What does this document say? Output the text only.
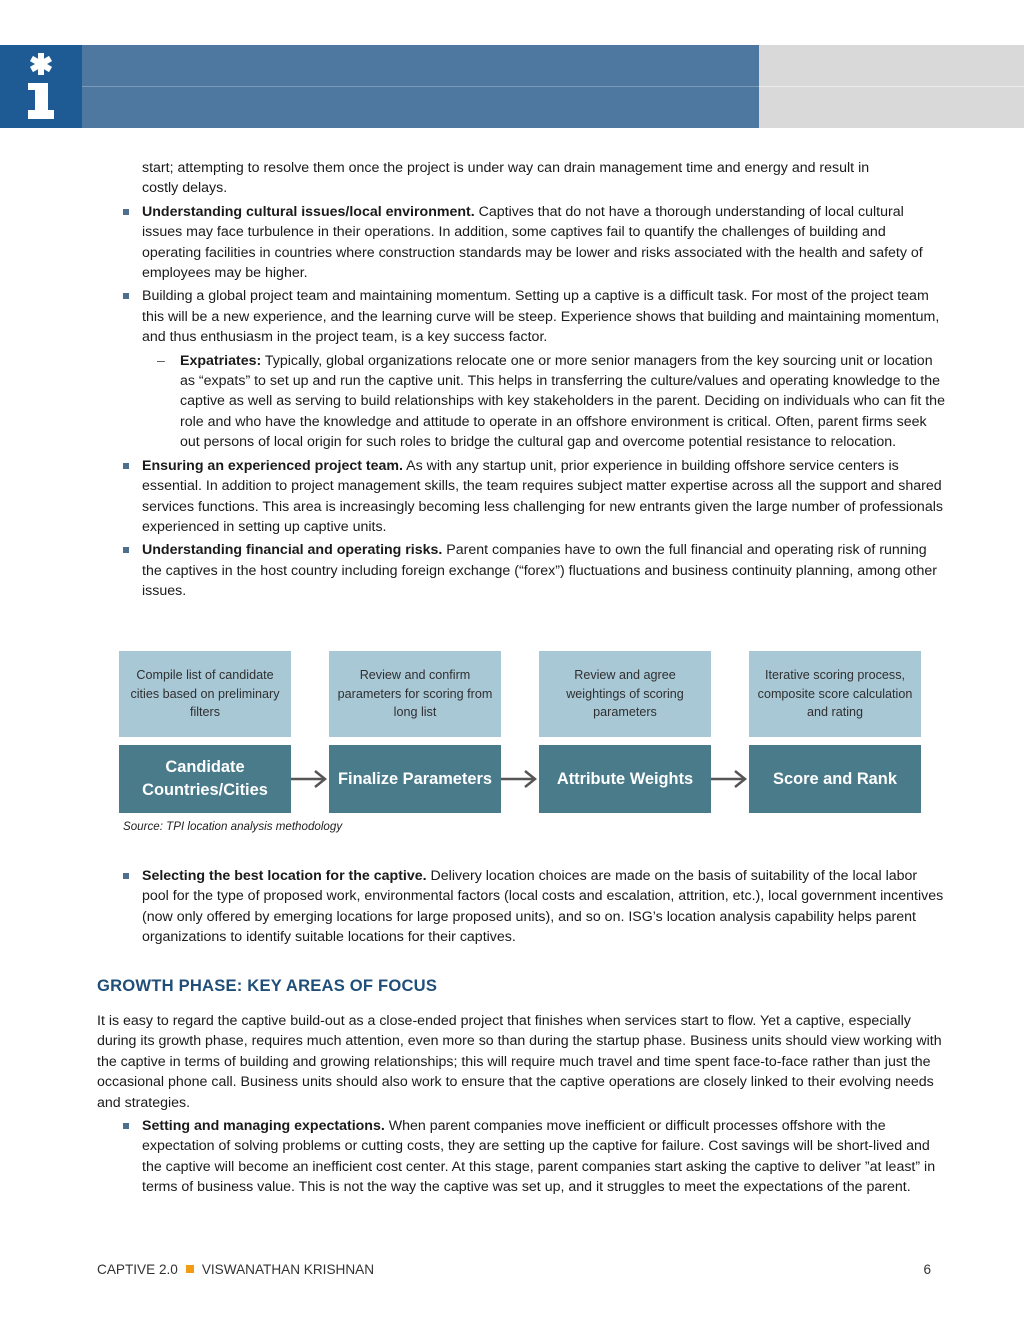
start; attempting to resolve them once the project is under way can drain management time and energy and result in
costly delays.
Understanding cultural issues/local environment. Captives that do not have a thorough understanding of local cultural issues may face turbulence in their operations. In addition, some captives fail to quantify the challenges of building and operating facilities in countries where construction standards may be lower and risks associated with the health and safety of employees may be higher.
Building a global project team and maintaining momentum. Setting up a captive is a difficult task. For most of the project team this will be a new experience, and the learning curve will be steep. Experience shows that building and maintaining momentum, and thus enthusiasm in the project team, is a key success factor.
– Expatriates: Typically, global organizations relocate one or more senior managers from the key sourcing unit or location as “expats” to set up and run the captive unit. This helps in transferring the culture/values and operating knowledge to the captive as well as serving to build relationships with key stakeholders in the parent. Deciding on individuals who can fit the role and who have the knowledge and attitude to operate in an offshore environment is critical. Often, parent firms seek out persons of local origin for such roles to bridge the cultural gap and overcome potential resistance to relocation.
Ensuring an experienced project team. As with any startup unit, prior experience in building offshore service centers is essential. In addition to project management skills, the team requires subject matter expertise across all the support and shared services functions. This area is increasingly becoming less challenging for new entrants given the large number of professionals experienced in setting up captive units.
Understanding financial and operating risks. Parent companies have to own the full financial and operating risk of running the captives in the host country including foreign exchange (“forex”) fluctuations and business continuity planning, among other issues.
Compile list of candidate cities based on preliminary filters
Review and confirm parameters for scoring from long list
Review and agree weightings of scoring parameters
Iterative scoring process, composite score calculation and rating
Candidate Countries/Cities
Finalize Parameters	Attribute Weights	Score and Rank
Source: TPI location analysis methodology
Selecting the best location for the captive. Delivery location choices are made on the basis of suitability of the local labor pool for the type of proposed work, environmental factors (local costs and escalation, attrition, etc.), local government incentives (now only offered by emerging locations for large proposed units), and so on. ISG’s location analysis capability helps parent organizations to identify suitable locations for their captives.
GROWTH PHASE: KEY AREAS OF FOCUS

It is easy to regard the captive build-out as a close-ended project that finishes when services start to flow. Yet a captive, especially during its growth phase, requires much attention, even more so than during the startup phase. Business units should view working with the captive in terms of building and growing relationships; this will require much travel and time spent face-to-face rather than just the occasional phone call. Business units should also work to ensure that the captive operations are closely linked to their evolving needs and strategies.

Setting and managing expectations. When parent companies move inefficient or difficult processes offshore with the expectation of solving problems or cutting costs, they are setting up the captive for failure. Cost savings will be short-lived and the captive will become an inefficient cost center. At this stage, parent companies start asking the captive to deliver ”at least” in terms of business value. This is not the way the captive was set up, and it struggles to meet the expectations of the parent.
CAPTIVE 2.0 VISWANATHAN KRISHNAN	6
